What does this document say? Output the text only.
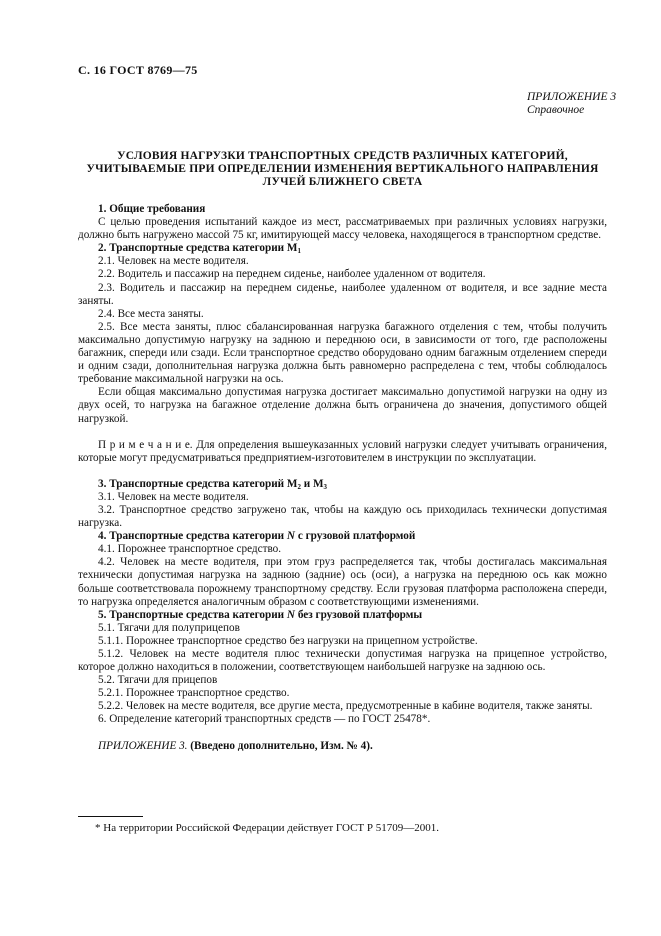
С. 16 ГОСТ 8769—75
ПРИЛОЖЕНИЕ 3
Справочное
УСЛОВИЯ НАГРУЗКИ ТРАНСПОРТНЫХ СРЕДСТВ РАЗЛИЧНЫХ КАТЕГОРИЙ,
УЧИТЫВАЕМЫЕ ПРИ ОПРЕДЕЛЕНИИ ИЗМЕНЕНИЯ ВЕРТИКАЛЬНОГО НАПРАВЛЕНИЯ
ЛУЧЕЙ БЛИЖНЕГО СВЕТА

1. Общие требования

С целью проведения испытаний каждое из мест, рассматриваемых при различных условиях нагрузки, должно быть нагружено массой 75 кг, имитирующей массу человека, находящегося в транспортном средстве.

2. Транспортные средства категории $М_1$

2.1. Человек на месте водителя.

2.2. Водитель и пассажир на переднем сиденье, наиболее удаленном от водителя.

2.3. Водитель и пассажир на переднем сиденье, наиболее удаленном от водителя, и все задние места заняты.

2.4. Все места заняты.

2.5. Все места заняты, плюс сбалансированная нагрузка багажного отделения с тем, чтобы получить максимально допустимую нагрузку на заднюю и переднюю оси, в зависимости от того, где расположены багажник, спереди или сзади. Если транспортное средство оборудовано одним багажным отделением спереди и одним сзади, дополнительная нагрузка должна быть равномерно распределена с тем, чтобы соблюдалось требование максимальной нагрузки на ось.

Если общая максимально допустимая нагрузка достигает максимально допустимой нагрузки на одну из двух осей, то нагрузка на багажное отделение должна быть ограничена до значения, допустимого общей нагрузкой.

П р и м е ч а н и е. Для определения вышеуказанных условий нагрузки следует учитывать ограничения, которые могут предусматриваться предприятием-изготовителем в инструкции по эксплуатации.

3. Транспортные средства категорий $М_2$ и $М_3$

3.1. Человек на месте водителя.

3.2. Транспортное средство загружено так, чтобы на каждую ось приходилась технически допустимая нагрузка.

4. Транспортные средства категории N с грузовой платформой

4.1. Порожнее транспортное средство.

4.2. Человек на месте водителя, при этом груз распределяется так, чтобы достигалась максимальная технически допустимая нагрузка на заднюю (задние) ось (оси), а нагрузка на переднюю ось как можно больше соответствовала порожнему транспортному средству. Если грузовая платформа расположена спереди, то нагрузка определяется аналогичным образом с соответствующими изменениями.

5. Транспортные средства категории N без грузовой платформы

5.1. Тягачи для полуприцепов

5.1.1. Порожнее транспортное средство без нагрузки на прицепном устройстве.

5.1.2. Человек на месте водителя плюс технически допустимая нагрузка на прицепное устройство, которое должно находиться в положении, соответствующем наибольшей нагрузке на заднюю ось.

5.2. Тягачи для прицепов

5.2.1. Порожнее транспортное средство.

5.2.2. Человек на месте водителя, все другие места, предусмотренные в кабине водителя, также заняты.

6. Определение категорий транспортных средств — по ГОСТ 25478*.

ПРИЛОЖЕНИЕ 3. (Введено дополнительно, Изм. № 4).

* На территории Российской Федерации действует ГОСТ Р 51709—2001.
